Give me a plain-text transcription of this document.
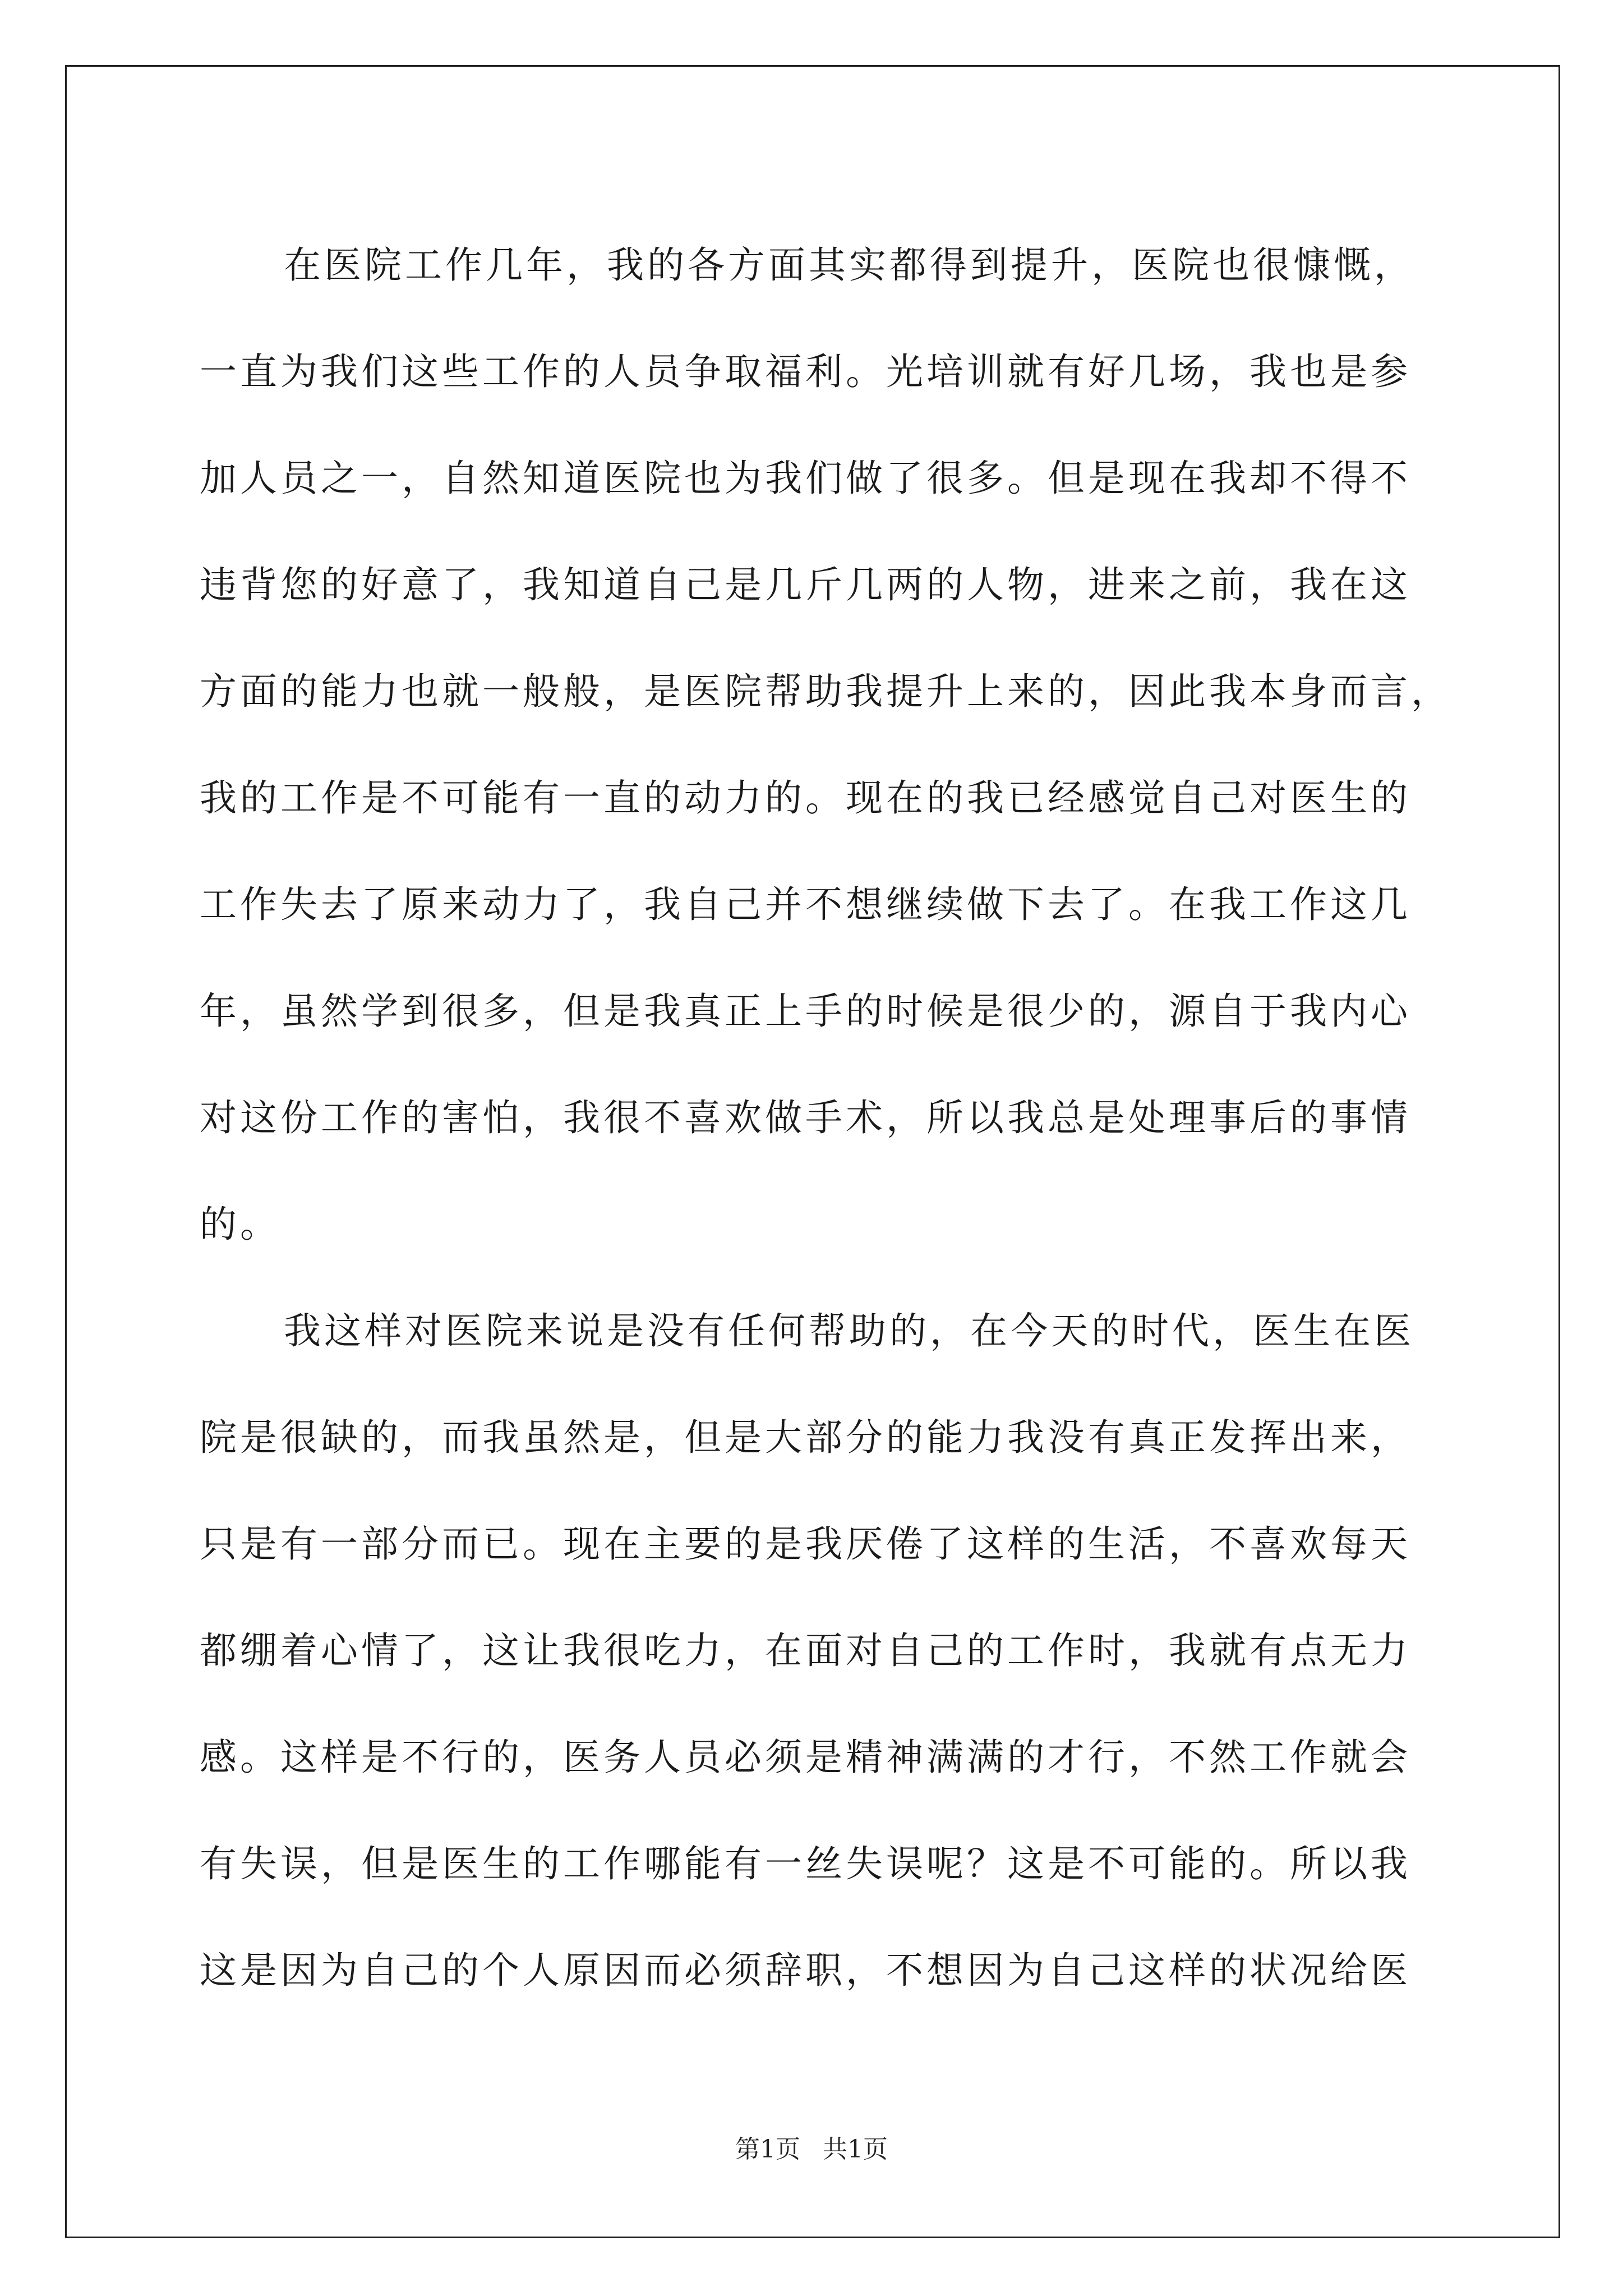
在医院工作几年，我的各方面其实都得到提升，医院也很慷慨，
一直为我们这些工作的人员争取福利。光培训就有好几场，我也是参
加人员之一，自然知道医院也为我们做了很多。但是现在我却不得不
违背您的好意了，我知道自己是几斤几两的人物，进来之前，我在这
方面的能力也就一般般，是医院帮助我提升上来的，因此我本身而言，
我的工作是不可能有一直的动力的。现在的我已经感觉自己对医生的
工作失去了原来动力了，我自己并不想继续做下去了。在我工作这几
年，虽然学到很多，但是我真正上手的时候是很少的，源自于我内心
对这份工作的害怕，我很不喜欢做手术，所以我总是处理事后的事情
的。
我这样对医院来说是没有任何帮助的，在今天的时代，医生在医
院是很缺的，而我虽然是，但是大部分的能力我没有真正发挥出来，
只是有一部分而已。现在主要的是我厌倦了这样的生活，不喜欢每天
都绷着心情了，这让我很吃力，在面对自己的工作时，我就有点无力
感。这样是不行的，医务人员必须是精神满满的才行，不然工作就会
有失误，但是医生的工作哪能有一丝失误呢？这是不可能的。所以我
这是因为自己的个人原因而必须辞职，不想因为自己这样的状况给医
第1页 共1页
